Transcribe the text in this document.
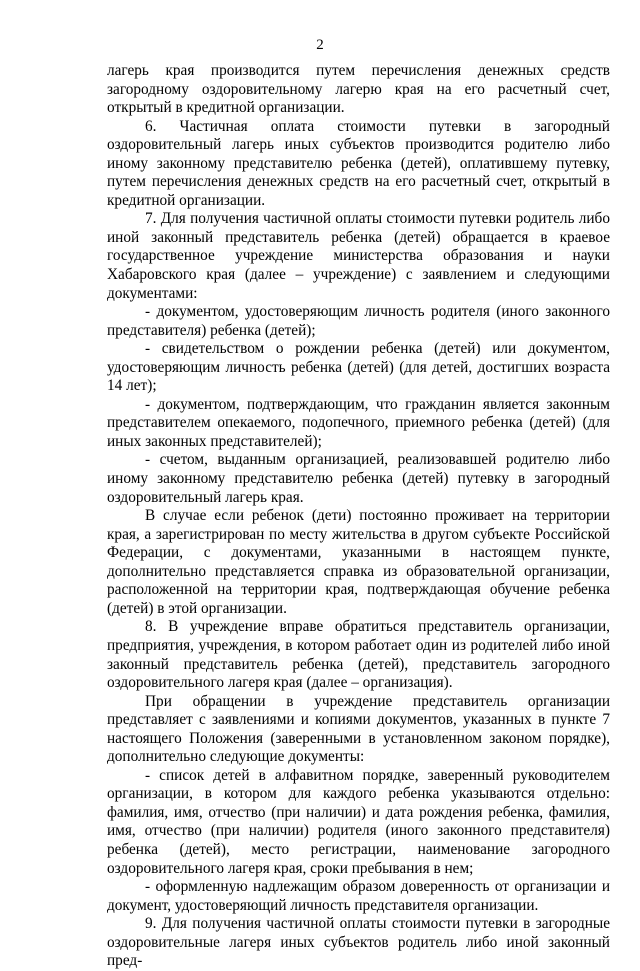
2

лагерь края производится путем перечисления денежных средств загородному оздоровительному лагерю края на его расчетный счет, открытый в кредитной организации.

6. Частичная оплата стоимости путевки в загородный оздоровительный лагерь иных субъектов производится родителю либо иному законному представителю ребенка (детей), оплатившему путевку, путем перечисления денежных средств на его расчетный счет, открытый в кредитной организации.

7. Для получения частичной оплаты стоимости путевки родитель либо иной законный представитель ребенка (детей) обращается в краевое государственное учреждение министерства образования и науки Хабаровского края (далее – учреждение) с заявлением и следующими документами:

- документом, удостоверяющим личность родителя (иного законного представителя) ребенка (детей);

- свидетельством о рождении ребенка (детей) или документом, удостоверяющим личность ребенка (детей) (для детей, достигших возраста 14 лет);

- документом, подтверждающим, что гражданин является законным представителем опекаемого, подопечного, приемного ребенка (детей) (для иных законных представителей);

- счетом, выданным организацией, реализовавшей родителю либо иному законному представителю ребенка (детей) путевку в загородный оздоровительный лагерь края.

В случае если ребенок (дети) постоянно проживает на территории края, а зарегистрирован по месту жительства в другом субъекте Российской Федерации, с документами, указанными в настоящем пункте, дополнительно представляется справка из образовательной организации, расположенной на территории края, подтверждающая обучение ребенка (детей) в этой организации.

8. В учреждение вправе обратиться представитель организации, предприятия, учреждения, в котором работает один из родителей либо иной законный представитель ребенка (детей), представитель загородного оздоровительного лагеря края (далее – организация).

При обращении в учреждение представитель организации представляет с заявлениями и копиями документов, указанных в пункте 7 настоящего Положения (заверенными в установленном законом порядке), дополнительно следующие документы:

- список детей в алфавитном порядке, заверенный руководителем организации, в котором для каждого ребенка указываются отдельно: фамилия, имя, отчество (при наличии) и дата рождения ребенка, фамилия, имя, отчество (при наличии) родителя (иного законного представителя) ребенка (детей), место регистрации, наименование загородного оздоровительного лагеря края, сроки пребывания в нем;

- оформленную надлежащим образом доверенность от организации и документ, удостоверяющий личность представителя организации.

9. Для получения частичной оплаты стоимости путевки в загородные оздоровительные лагеря иных субъектов родитель либо иной законный пред-
